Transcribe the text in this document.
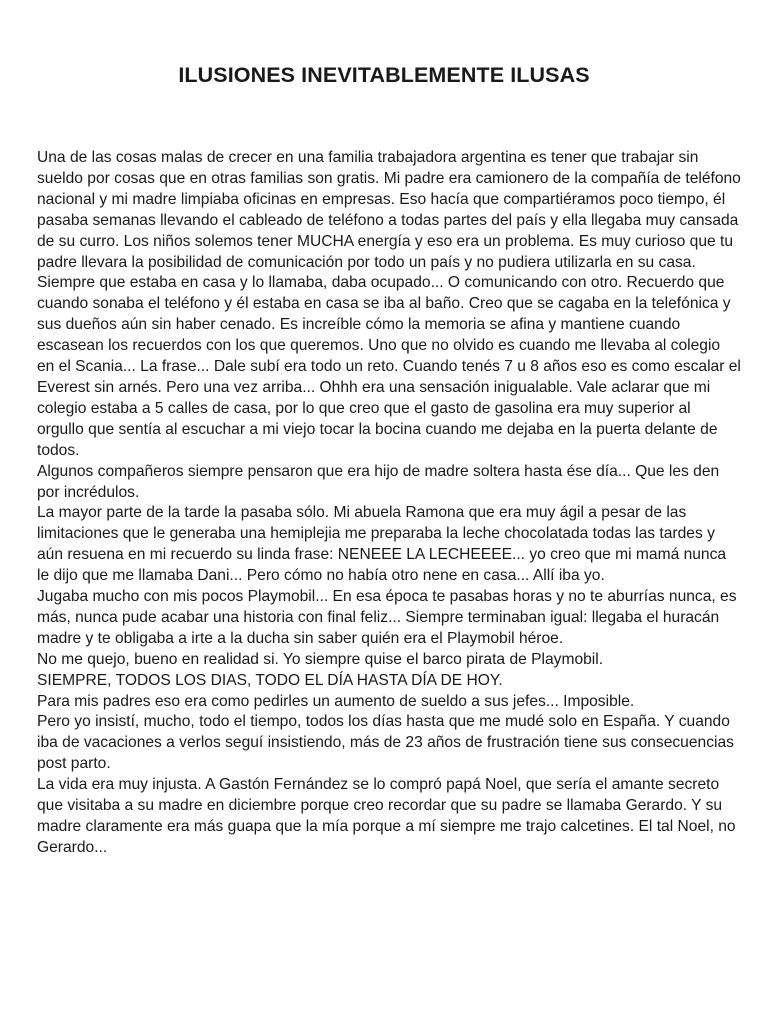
ILUSIONES INEVITABLEMENTE ILUSAS

Una de las cosas malas de crecer en una familia trabajadora argentina es tener que trabajar sin sueldo por cosas que en otras familias son gratis. Mi padre era camionero de la compañía de teléfono nacional y mi madre limpiaba oficinas en empresas. Eso hacía que compartiéramos poco tiempo, él pasaba semanas llevando el cableado de teléfono a todas partes del país y ella llegaba muy cansada de su curro. Los niños solemos tener MUCHA energía y eso era un problema. Es muy curioso que tu padre llevara la posibilidad de comunicación por todo un país y no pudiera utilizarla en su casa. Siempre que estaba en casa y lo llamaba, daba ocupado... O comunicando con otro. Recuerdo que cuando sonaba el teléfono y él estaba en casa se iba al baño. Creo que se cagaba en la telefónica y sus dueños aún sin haber cenado. Es increíble cómo la memoria se afina y mantiene cuando escasean los recuerdos con los que queremos. Uno que no olvido es cuando me llevaba al colegio en el Scania... La frase... Dale subí era todo un reto. Cuando tenés 7 u 8 años eso es como escalar el Everest sin arnés. Pero una vez arriba... Ohhh era una sensación inigualable. Vale aclarar que mi colegio estaba a 5 calles de casa, por lo que creo que el gasto de gasolina era muy superior al orgullo que sentía al escuchar a mi viejo tocar la bocina cuando me dejaba en la puerta delante de todos.

Algunos compañeros siempre pensaron que era hijo de madre soltera hasta ése día... Que les den por incrédulos.

La mayor parte de la tarde la pasaba sólo. Mi abuela Ramona que era muy ágil a pesar de las limitaciones que le generaba una hemiplejia me preparaba la leche chocolatada todas las tardes y aún resuena en mi recuerdo su linda frase: NENEEE LA LECHEEEE... yo creo que mi mamá nunca le dijo que me llamaba Dani... Pero cómo no había otro nene en casa... Allí iba yo.

Jugaba mucho con mis pocos Playmobil... En esa época te pasabas horas y no te aburrías nunca, es más, nunca pude acabar una historia con final feliz... Siempre terminaban igual: llegaba el huracán madre y te obligaba a irte a la ducha sin saber quién era el Playmobil héroe.

No me quejo, bueno en realidad si. Yo siempre quise el barco pirata de Playmobil.

SIEMPRE, TODOS LOS DIAS, TODO EL DÍA HASTA DÍA DE HOY.

Para mis padres eso era como pedirles un aumento de sueldo a sus jefes... Imposible.

Pero yo insistí, mucho, todo el tiempo, todos los días hasta que me mudé solo en España. Y cuando iba de vacaciones a verlos seguí insistiendo, más de 23 años de frustración tiene sus consecuencias post parto.

La vida era muy injusta. A Gastón Fernández se lo compró papá Noel, que sería el amante secreto que visitaba a su madre en diciembre porque creo recordar que su padre se llamaba Gerardo. Y su madre claramente era más guapa que la mía porque a mí siempre me trajo calcetines. El tal Noel, no Gerardo...
